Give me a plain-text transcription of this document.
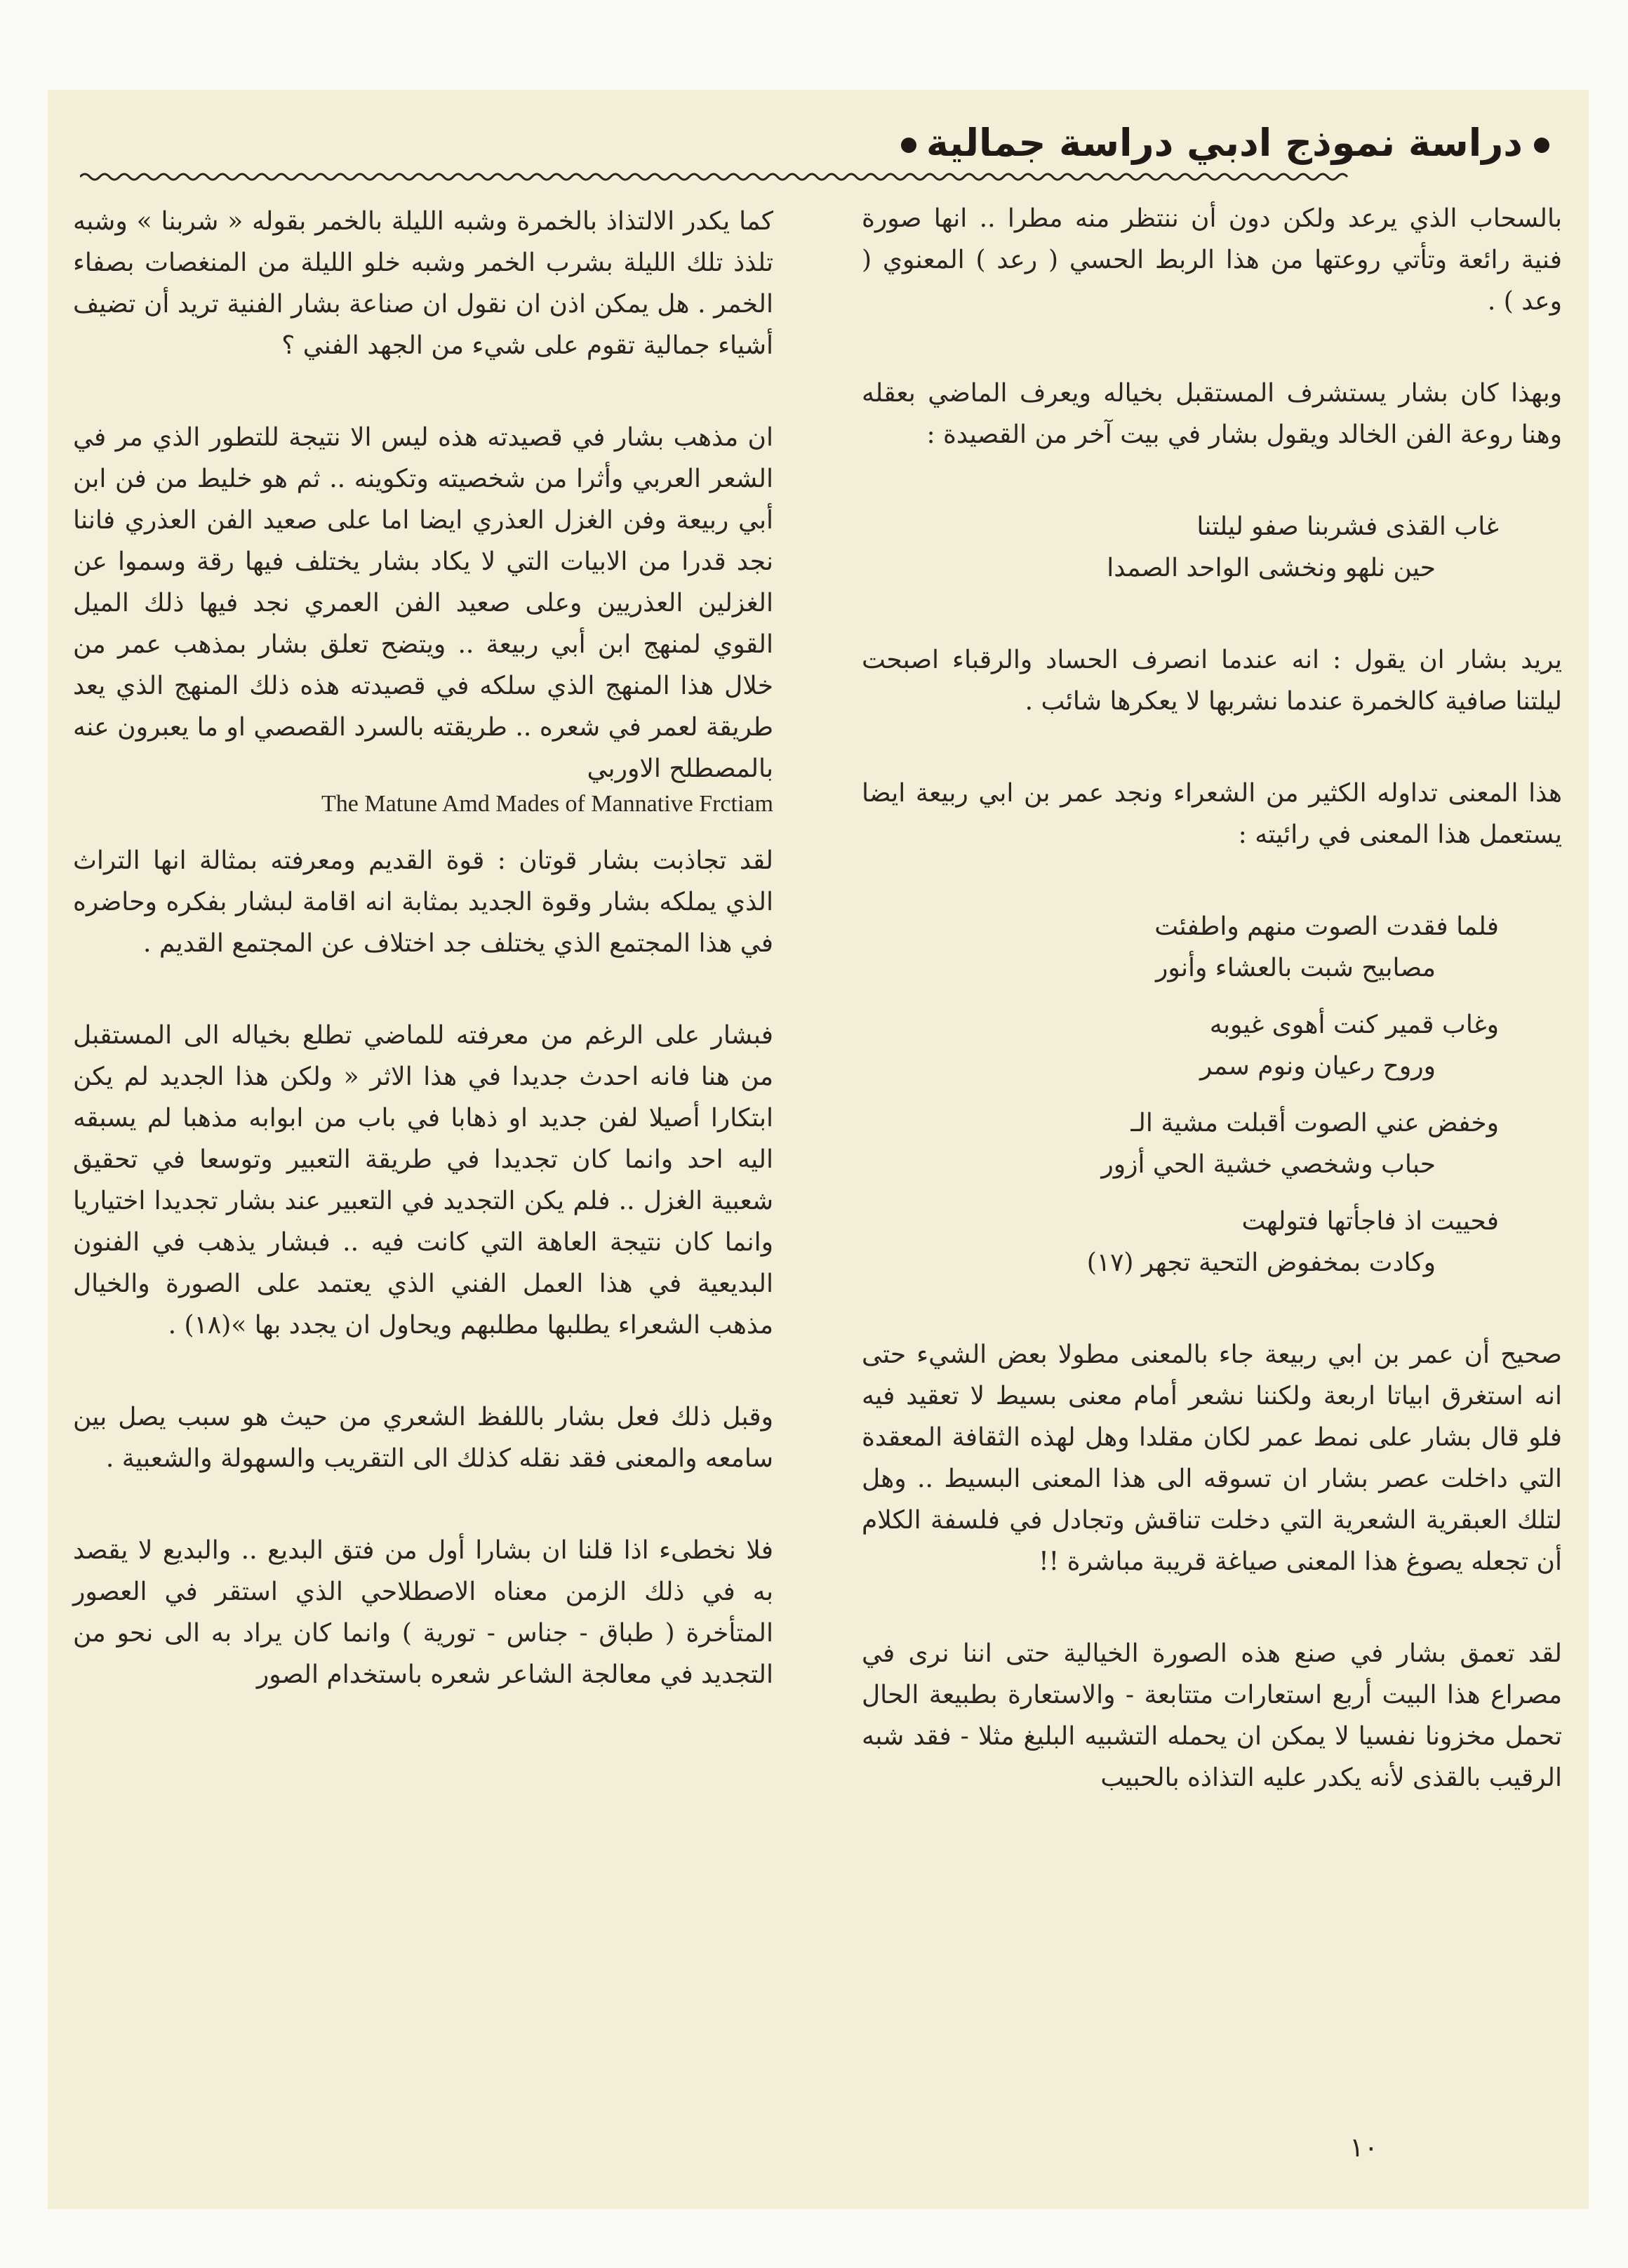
دراسة نموذج ادبي دراسة جمالية

بالسحاب الذي يرعد ولكن دون أن ننتظر منه مطرا .. انها صورة فنية رائعة وتأتي روعتها من هذا الربط الحسي ( رعد ) المعنوي ( وعد ) .

وبهذا كان بشار يستشرف المستقبل بخياله ويعرف الماضي بعقله وهنا روعة الفن الخالد ويقول بشار في بيت آخر من القصيدة :

غاب القذى فشربنا صفو ليلتنا
حين نلهو ونخشى الواحد الصمدا

يريد بشار ان يقول : انه عندما انصرف الحساد والرقباء اصبحت ليلتنا صافية كالخمرة عندما نشربها لا يعكرها شائب .

هذا المعنى تداوله الكثير من الشعراء ونجد عمر بن ابي ربيعة ايضا يستعمل هذا المعنى في رائيته :

فلما فقدت الصوت منهم واطفئت
مصابيح شبت بالعشاء وأنور
وغاب قمير كنت أهوى غيوبه
وروح رعيان ونوم سمر
وخفض عني الصوت أقبلت مشية الـ
حباب وشخصي خشية الحي أزور
فحييت اذ فاجأتها فتولهت
وكادت بمخفوض التحية تجهر (١٧)

صحيح أن عمر بن ابي ربيعة جاء بالمعنى مطولا بعض الشيء حتى انه استغرق ابياتا اربعة ولكننا نشعر أمام معنى بسيط لا تعقيد فيه فلو قال بشار على نمط عمر لكان مقلدا وهل لهذه الثقافة المعقدة التي داخلت عصر بشار ان تسوقه الى هذا المعنى البسيط .. وهل لتلك العبقرية الشعرية التي دخلت تناقش وتجادل في فلسفة الكلام أن تجعله يصوغ هذا المعنى صياغة قريبة مباشرة !!

لقد تعمق بشار في صنع هذه الصورة الخيالية حتى اننا نرى في مصراع هذا البيت أربع استعارات متتابعة - والاستعارة بطبيعة الحال تحمل مخزونا نفسيا لا يمكن ان يحمله التشبيه البليغ مثلا - فقد شبه الرقيب بالقذى لأنه يكدر عليه التذاذه بالحبيب

كما يكدر الالتذاذ بالخمرة وشبه الليلة بالخمر بقوله « شربنا » وشبه تلذذ تلك الليلة بشرب الخمر وشبه خلو الليلة من المنغصات بصفاء الخمر . هل يمكن اذن ان نقول ان صناعة بشار الفنية تريد أن تضيف أشياء جمالية تقوم على شيء من الجهد الفني ؟

ان مذهب بشار في قصيدته هذه ليس الا نتيجة للتطور الذي مر في الشعر العربي وأثرا من شخصيته وتكوينه .. ثم هو خليط من فن ابن أبي ربيعة وفن الغزل العذري ايضا اما على صعيد الفن العذري فاننا نجد قدرا من الابيات التي لا يكاد بشار يختلف فيها رقة وسموا عن الغزلين العذريين وعلى صعيد الفن العمري نجد فيها ذلك الميل القوي لمنهج ابن أبي ربيعة .. ويتضح تعلق بشار بمذهب عمر من خلال هذا المنهج الذي سلكه في قصيدته هذه ذلك المنهج الذي يعد طريقة لعمر في شعره .. طريقته بالسرد القصصي او ما يعبرون عنه بالمصطلح الاوربي

The Matune Amd Mades of Mannative Frctiam

لقد تجاذبت بشار قوتان : قوة القديم ومعرفته بمثالة انها التراث الذي يملكه بشار وقوة الجديد بمثابة انه اقامة لبشار بفكره وحاضره في هذا المجتمع الذي يختلف جد اختلاف عن المجتمع القديم .

فبشار على الرغم من معرفته للماضي تطلع بخياله الى المستقبل من هنا فانه احدث جديدا في هذا الاثر « ولكن هذا الجديد لم يكن ابتكارا أصيلا لفن جديد او ذهابا في باب من ابوابه مذهبا لم يسبقه اليه احد وانما كان تجديدا في طريقة التعبير وتوسعا في تحقيق شعبية الغزل .. فلم يكن التجديد في التعبير عند بشار تجديدا اختياريا وانما كان نتيجة العاهة التي كانت فيه .. فبشار يذهب في الفنون البديعية في هذا العمل الفني الذي يعتمد على الصورة والخيال مذهب الشعراء يطلبها مطلبهم ويحاول ان يجدد بها »(١٨) .

وقبل ذلك فعل بشار باللفظ الشعري من حيث هو سبب يصل بين سامعه والمعنى فقد نقله كذلك الى التقريب والسهولة والشعبية .

فلا نخطىء اذا قلنا ان بشارا أول من فتق البديع .. والبديع لا يقصد به في ذلك الزمن معناه الاصطلاحي الذي استقر في العصور المتأخرة ( طباق - جناس - تورية ) وانما كان يراد به الى نحو من التجديد في معالجة الشاعر شعره باستخدام الصور

١٠
